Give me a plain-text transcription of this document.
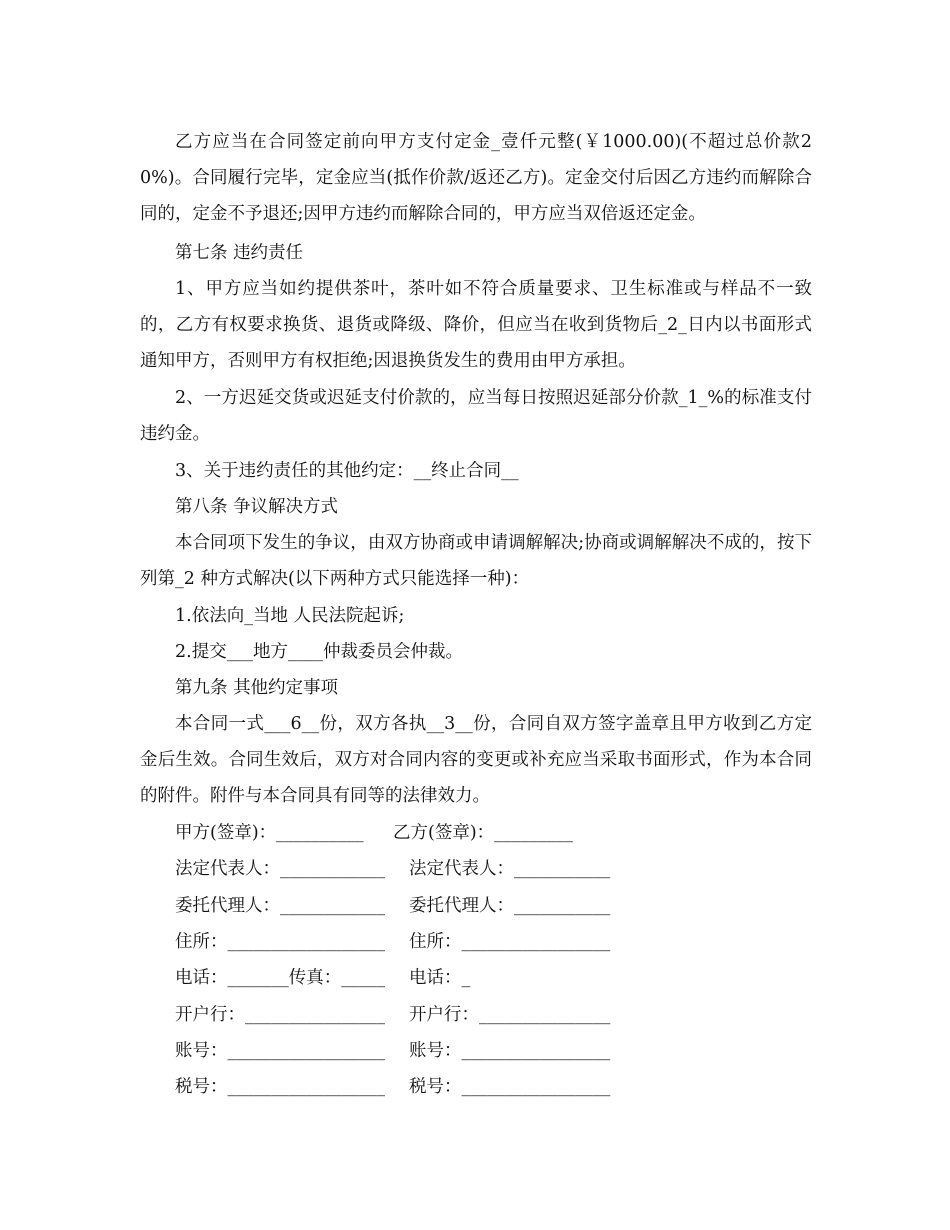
乙方应当在合同签定前向甲方支付定金_壹仟元整(￥1000.00)(不超过总价款20%)。合同履行完毕，定金应当(抵作价款/返还乙方)。定金交付后因乙方违约而解除合同的，定金不予退还;因甲方违约而解除合同的，甲方应当双倍返还定金。
第七条 违约责任
1、甲方应当如约提供茶叶，茶叶如不符合质量要求、卫生标准或与样品不一致的，乙方有权要求换货、退货或降级、降价，但应当在收到货物后_2_日内以书面形式通知甲方，否则甲方有权拒绝;因退换货发生的费用由甲方承担。
2、一方迟延交货或迟延支付价款的，应当每日按照迟延部分价款_1_%的标准支付违约金。
3、关于违约责任的其他约定：__终止合同__
第八条 争议解决方式
本合同项下发生的争议，由双方协商或申请调解解决;协商或调解解决不成的，按下列第_2 种方式解决(以下两种方式只能选择一种)：
1.依法向_当地 人民法院起诉;
2.提交___地方____仲裁委员会仲裁。
第九条 其他约定事项
本合同一式___6__份，双方各执__3__份，合同自双方签字盖章且甲方收到乙方定金后生效。合同生效后，双方对合同内容的变更或补充应当采取书面形式，作为本合同的附件。附件与本合同具有同等的法律效力。

甲方(签章)：__________

乙方(签章)：_________

法定代表人：____________

法定代表人：___________

委托代理人：____________

委托代理人：___________

住所：__________________

住所：_________________

电话：_______传真：_____

电话：_

开户行：________________

开户行：_______________

账号：__________________

账号：_________________

税号：__________________

税号：_________________
